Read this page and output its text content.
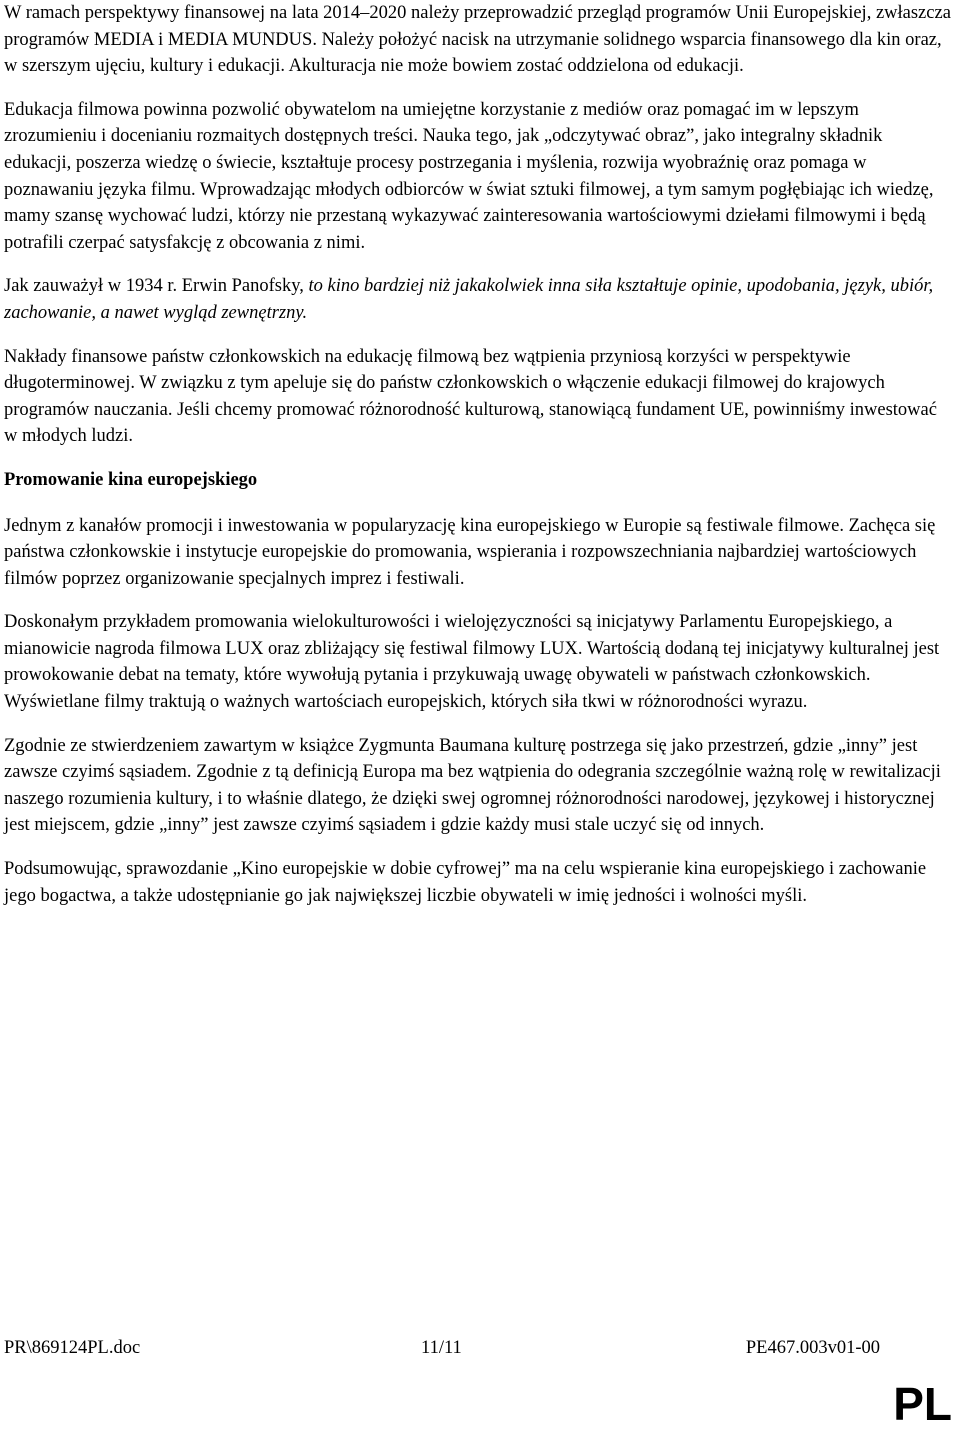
W ramach perspektywy finansowej na lata 2014–2020 należy przeprowadzić przegląd programów Unii Europejskiej, zwłaszcza programów MEDIA i MEDIA MUNDUS. Należy położyć nacisk na utrzymanie solidnego wsparcia finansowego dla kin oraz, w szerszym ujęciu, kultury i edukacji. Akulturacja nie może bowiem zostać oddzielona od edukacji.

Edukacja filmowa powinna pozwolić obywatelom na umiejętne korzystanie z mediów oraz pomagać im w lepszym zrozumieniu i docenianiu rozmaitych dostępnych treści. Nauka tego, jak „odczytywać obraz”, jako integralny składnik edukacji, poszerza wiedzę o świecie, kształtuje procesy postrzegania i myślenia, rozwija wyobraźnię oraz pomaga w poznawaniu języka filmu. Wprowadzając młodych odbiorców w świat sztuki filmowej, a tym samym pogłębiając ich wiedzę, mamy szansę wychować ludzi, którzy nie przestaną wykazywać zainteresowania wartościowymi dziełami filmowymi i będą potrafili czerpać satysfakcję z obcowania z nimi.

Jak zauważył w 1934 r. Erwin Panofsky, to kino bardziej niż jakakolwiek inna siła kształtuje opinie, upodobania, język, ubiór, zachowanie, a nawet wygląd zewnętrzny.

Nakłady finansowe państw członkowskich na edukację filmową bez wątpienia przyniosą korzyści w perspektywie długoterminowej. W związku z tym apeluje się do państw członkowskich o włączenie edukacji filmowej do krajowych programów nauczania. Jeśli chcemy promować różnorodność kulturową, stanowiącą fundament UE, powinniśmy inwestować w młodych ludzi.

Promowanie kina europejskiego

Jednym z kanałów promocji i inwestowania w popularyzację kina europejskiego w Europie są festiwale filmowe. Zachęca się państwa członkowskie i instytucje europejskie do promowania, wspierania i rozpowszechniania najbardziej wartościowych filmów poprzez organizowanie specjalnych imprez i festiwali.

Doskonałym przykładem promowania wielokulturowości i wielojęzyczności są inicjatywy Parlamentu Europejskiego, a mianowicie nagroda filmowa LUX oraz zbliżający się festiwal filmowy LUX. Wartością dodaną tej inicjatywy kulturalnej jest prowokowanie debat na tematy, które wywołują pytania i przykuwają uwagę obywateli w państwach członkowskich. Wyświetlane filmy traktują o ważnych wartościach europejskich, których siła tkwi w różnorodności wyrazu.

Zgodnie ze stwierdzeniem zawartym w książce Zygmunta Baumana kulturę postrzega się jako przestrzeń, gdzie „inny” jest zawsze czyimś sąsiadem. Zgodnie z tą definicją Europa ma bez wątpienia do odegrania szczególnie ważną rolę w rewitalizacji naszego rozumienia kultury, i to właśnie dlatego, że dzięki swej ogromnej różnorodności narodowej, językowej i historycznej jest miejscem, gdzie „inny” jest zawsze czyimś sąsiadem i gdzie każdy musi stale uczyć się od innych.

Podsumowując, sprawozdanie „Kino europejskie w dobie cyfrowej” ma na celu wspieranie kina europejskiego i zachowanie jego bogactwa, a także udostępnianie go jak największej liczbie obywateli w imię jedności i wolności myśli.

PR\869124PL.doc	11/11	PE467.003v01-00
PL
